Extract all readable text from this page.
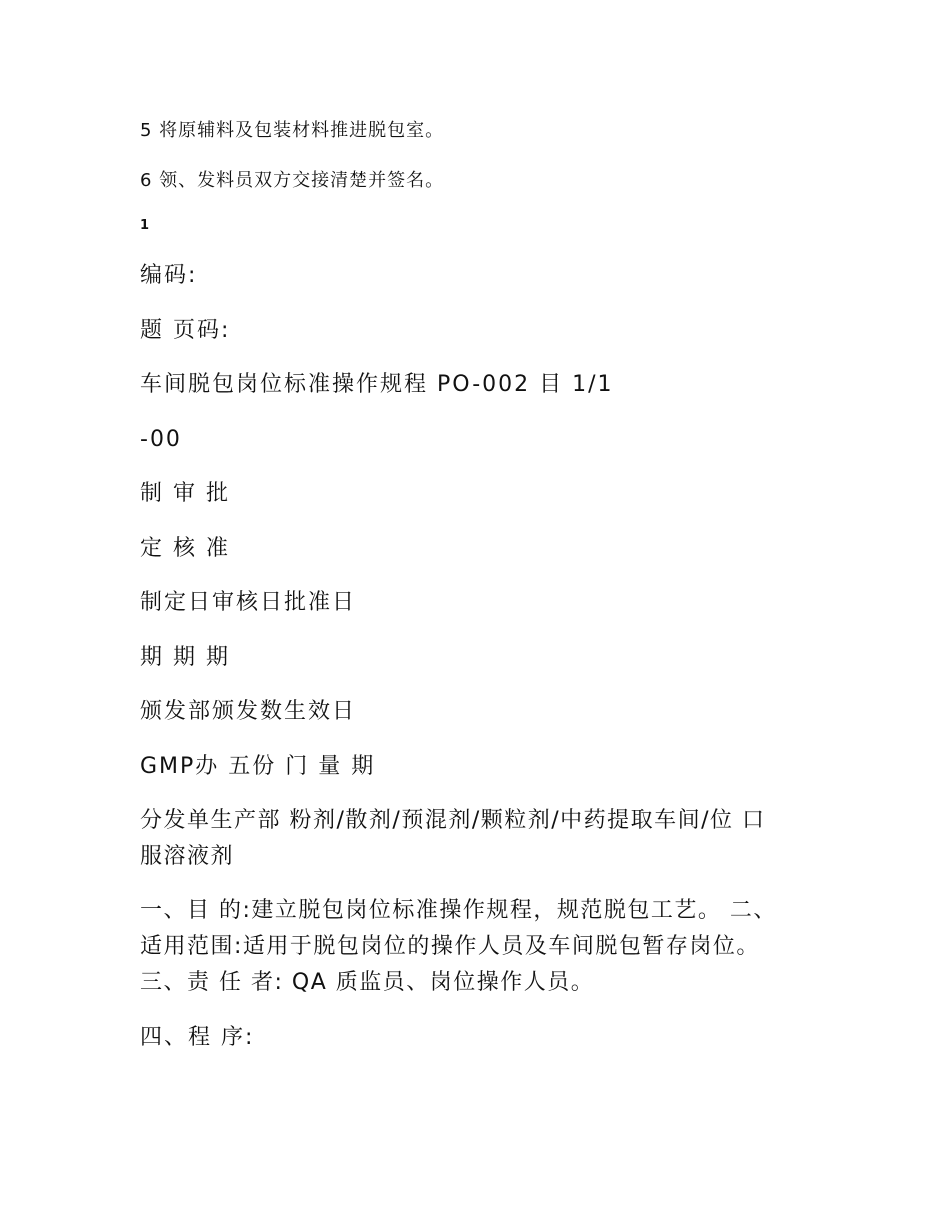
5 将原辅料及包装材料推进脱包室。
6 领、发料员双方交接清楚并签名。
1
编码:
题 页码:
车间脱包岗位标准操作规程 PO-002 目 1/1
-00
制 审 批
定 核 准
制定日审核日批准日
期 期 期
颁发部颁发数生效日
GMP办 五份 门 量 期
分发单生产部 粉剂/散剂/预混剂/颗粒剂/中药提取车间/位 口
服溶液剂
一、目 的:建立脱包岗位标准操作规程，规范脱包工艺。 二、
适用范围:适用于脱包岗位的操作人员及车间脱包暂存岗位。
三、责 任 者: QA 质监员、岗位操作人员。
四、程 序:
